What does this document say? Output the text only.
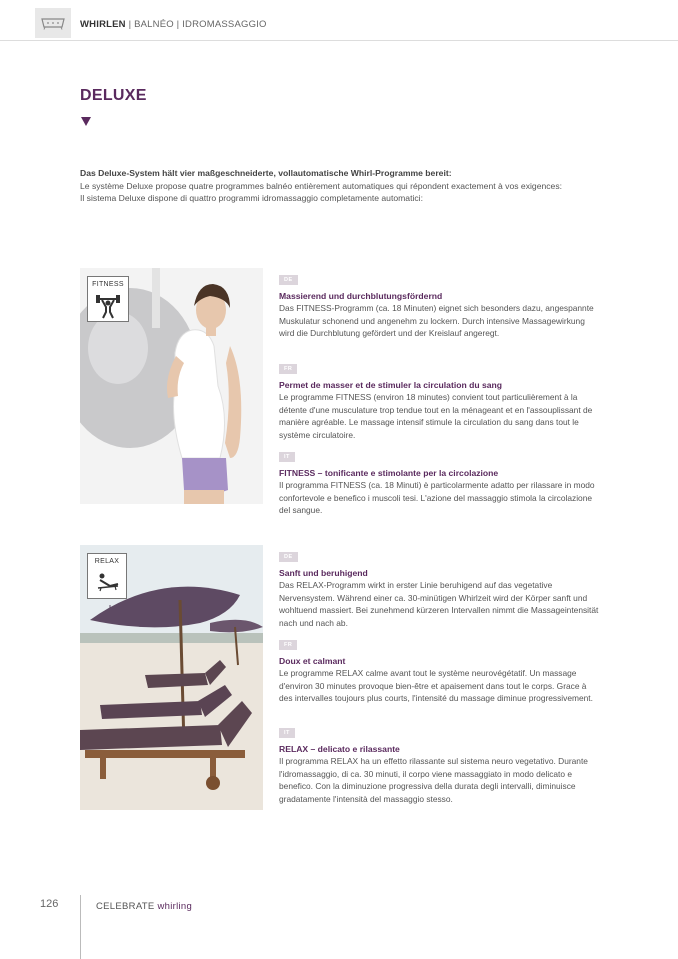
WHIRLEN | BALNÉO | IDROMASSAGGIO
DELUXE

Das Deluxe-System hält vier maßgeschneiderte, vollautomatische Whirl-Programme bereit:

Le système Deluxe propose quatre programmes balnéo entièrement automatiques qui répondent exactement à vos exigences:

Il sistema Deluxe dispone di quattro programmi idromassaggio completamente automatici:

FITNESS
DE

Massierend und durchblutungsfördernd

Das FITNESS-Programm (ca. 18 Minuten) eignet sich besonders dazu, angespannte Muskulatur schonend und angenehm zu lockern. Durch intensive Massagewirkung wird die Durchblutung gefördert und der Kreislauf angeregt.

FR

Permet de masser et de stimuler la circulation du sang

Le programme FITNESS (environ 18 minutes) convient tout particulièrement à la détente d'une musculature trop tendue tout en la ménageant et en l'assouplissant de manière agréable. Le massage intensif stimule la circulation du sang dans tout le système circulatoire.

IT

FITNESS – tonificante e stimolante per la circolazione

Il programma FITNESS (ca. 18 Minuti) è particolarmente adatto per rilassare in modo confortevole e benefico i muscoli tesi. L'azione del massaggio stimola la circolazione del sangue.

RELAX
DE

Sanft und beruhigend

Das RELAX-Programm wirkt in erster Linie beruhigend auf das vegetative Nervensystem. Während einer ca. 30-minütigen Whirlzeit wird der Körper sanft und wohltuend massiert. Bei zunehmend kürzeren Intervallen nimmt die Massageintensität nach und nach ab.

FR

Doux et calmant

Le programme RELAX calme avant tout le système neurovégétatif. Un massage d'environ 30 minutes provoque bien-être et apaisement dans tout le corps. Grace à des intervalles toujours plus courts, l'intensité du massage diminue progressivement.

IT

RELAX – delicato e rilassante

Il programma RELAX ha un effetto rilassante sul sistema neuro vegetativo. Durante l'idromassaggio, di ca. 30 minuti, il corpo viene massaggiato in modo delicato e benefico. Con la diminuzione progressiva della durata degli intervalli, diminuisce gradatamente l'intensità del massaggio stesso.

126	CELEBRATE whirling
